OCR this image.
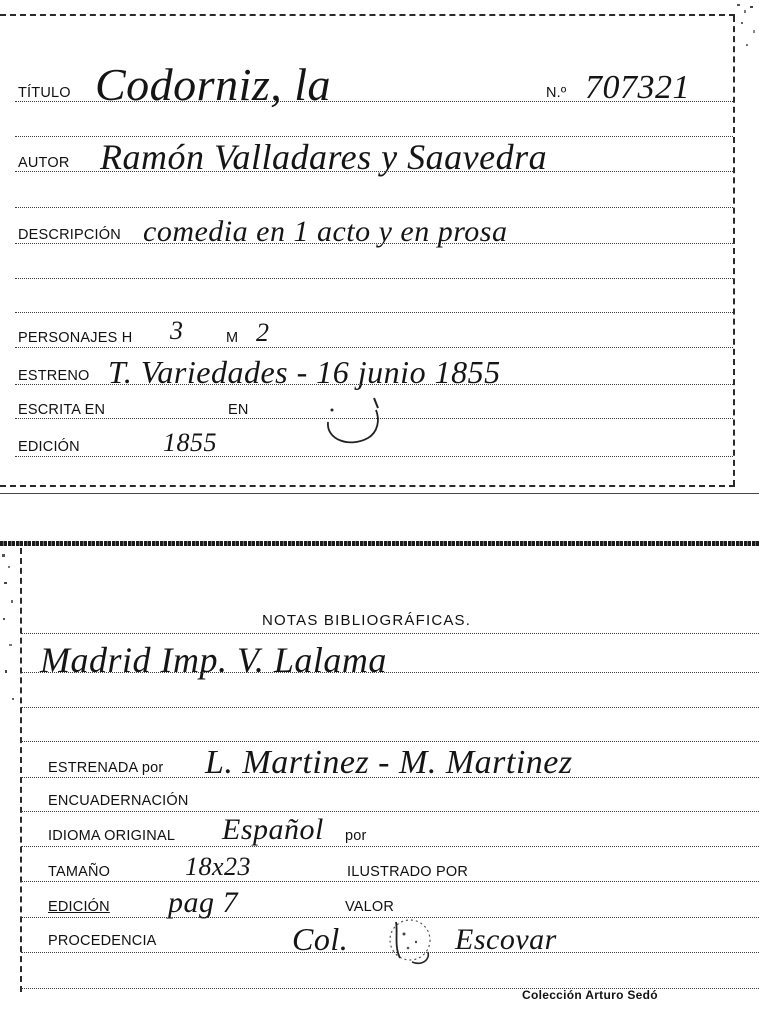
TÍTULO Codorniz, la	N.º 707321
AUTOR Ramón Valladares y Saavedra
DESCRIPCIÓN comedia en 1 acto y en prosa
PERSONAJES H 3	M 2
ESTRENO T. Variedades - 16 junio 1855
ESCRITA EN	EN
EDICIÓN	1855
NOTAS BIBLIOGRÁFICAS.
Madrid Imp. V. Lalama
ESTRENADA por L. Martinez - M. Martinez
ENCUADERNACIÓN
IDIOMA ORIGINAL Español por
TAMAÑO	18x23	ILUSTRADO POR
EDICIÓN pag 7	VALOR
PROCEDENCIA	Col.	Escovar
Colección Arturo Sedó
